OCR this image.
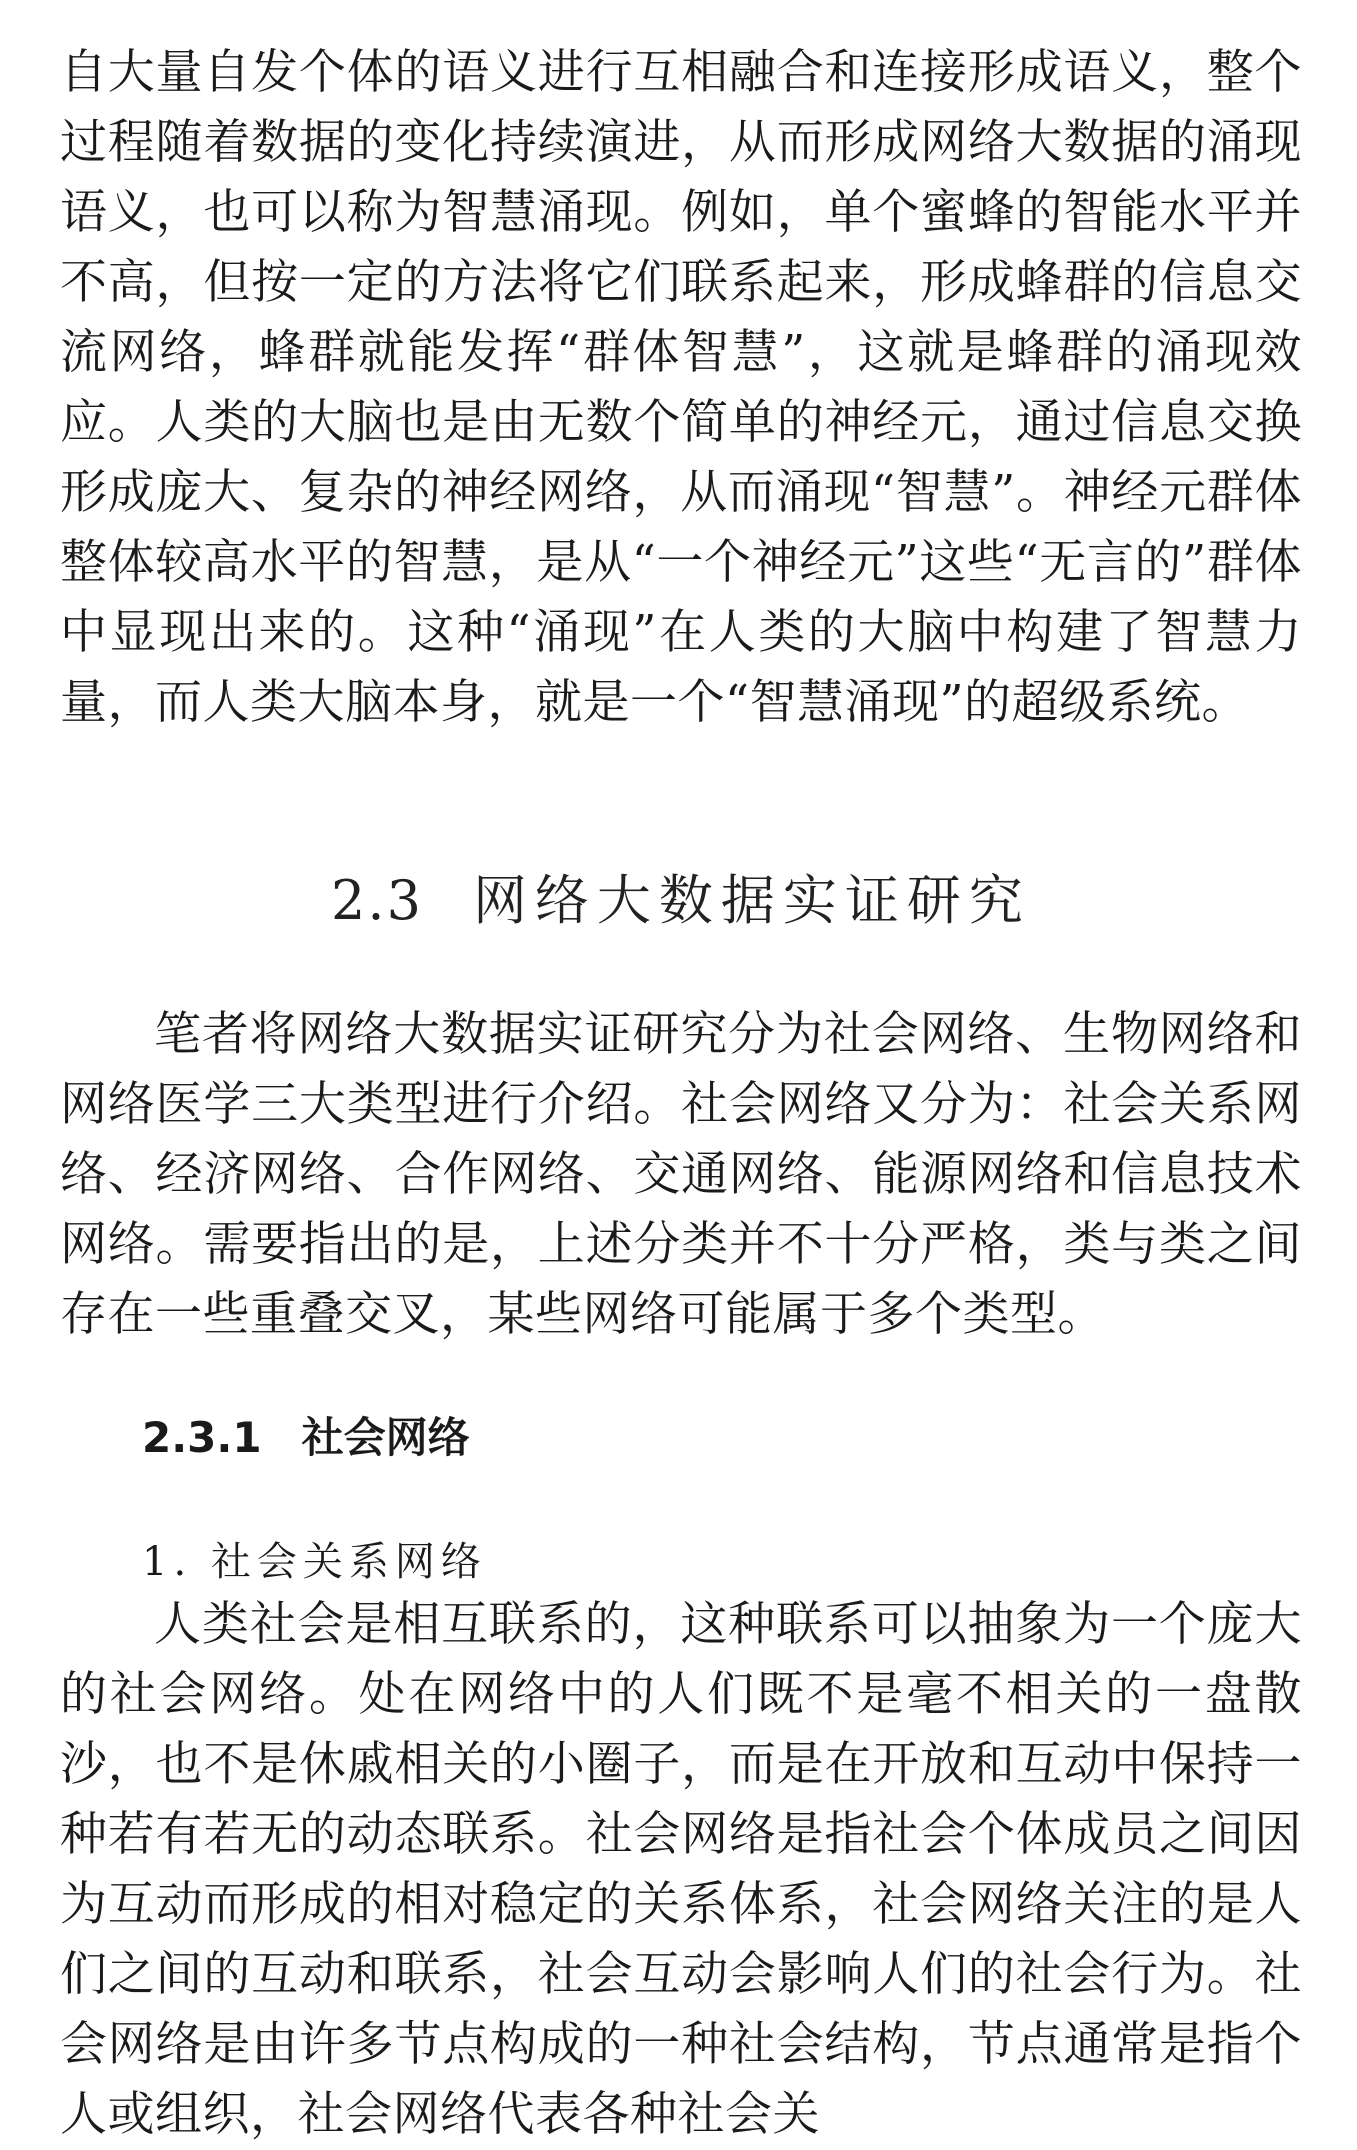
自大量自发个体的语义进行互相融合和连接形成语义，整个过程随着数据的变化持续演进，从而形成网络大数据的涌现语义，也可以称为智慧涌现。例如，单个蜜蜂的智能水平并不高，但按一定的方法将它们联系起来，形成蜂群的信息交流网络，蜂群就能发挥“群体智慧”，这就是蜂群的涌现效应。人类的大脑也是由无数个简单的神经元，通过信息交换形成庞大、复杂的神经网络，从而涌现“智慧”。神经元群体整体较高水平的智慧，是从“一个神经元”这些“无言的”群体中显现出来的。这种“涌现”在人类的大脑中构建了智慧力量，而人类大脑本身，就是一个“智慧涌现”的超级系统。

2.3 网络大数据实证研究

笔者将网络大数据实证研究分为社会网络、生物网络和网络医学三大类型进行介绍。社会网络又分为：社会关系网络、经济网络、合作网络、交通网络、能源网络和信息技术网络。需要指出的是，上述分类并不十分严格，类与类之间存在一些重叠交叉，某些网络可能属于多个类型。

2.3.1 社会网络
1. 社会关系网络

人类社会是相互联系的，这种联系可以抽象为一个庞大的社会网络。处在网络中的人们既不是毫不相关的一盘散沙，也不是休戚相关的小圈子，而是在开放和互动中保持一种若有若无的动态联系。社会网络是指社会个体成员之间因为互动而形成的相对稳定的关系体系，社会网络关注的是人们之间的互动和联系，社会互动会影响人们的社会行为。社会网络是由许多节点构成的一种社会结构，节点通常是指个人或组织，社会网络代表各种社会关
